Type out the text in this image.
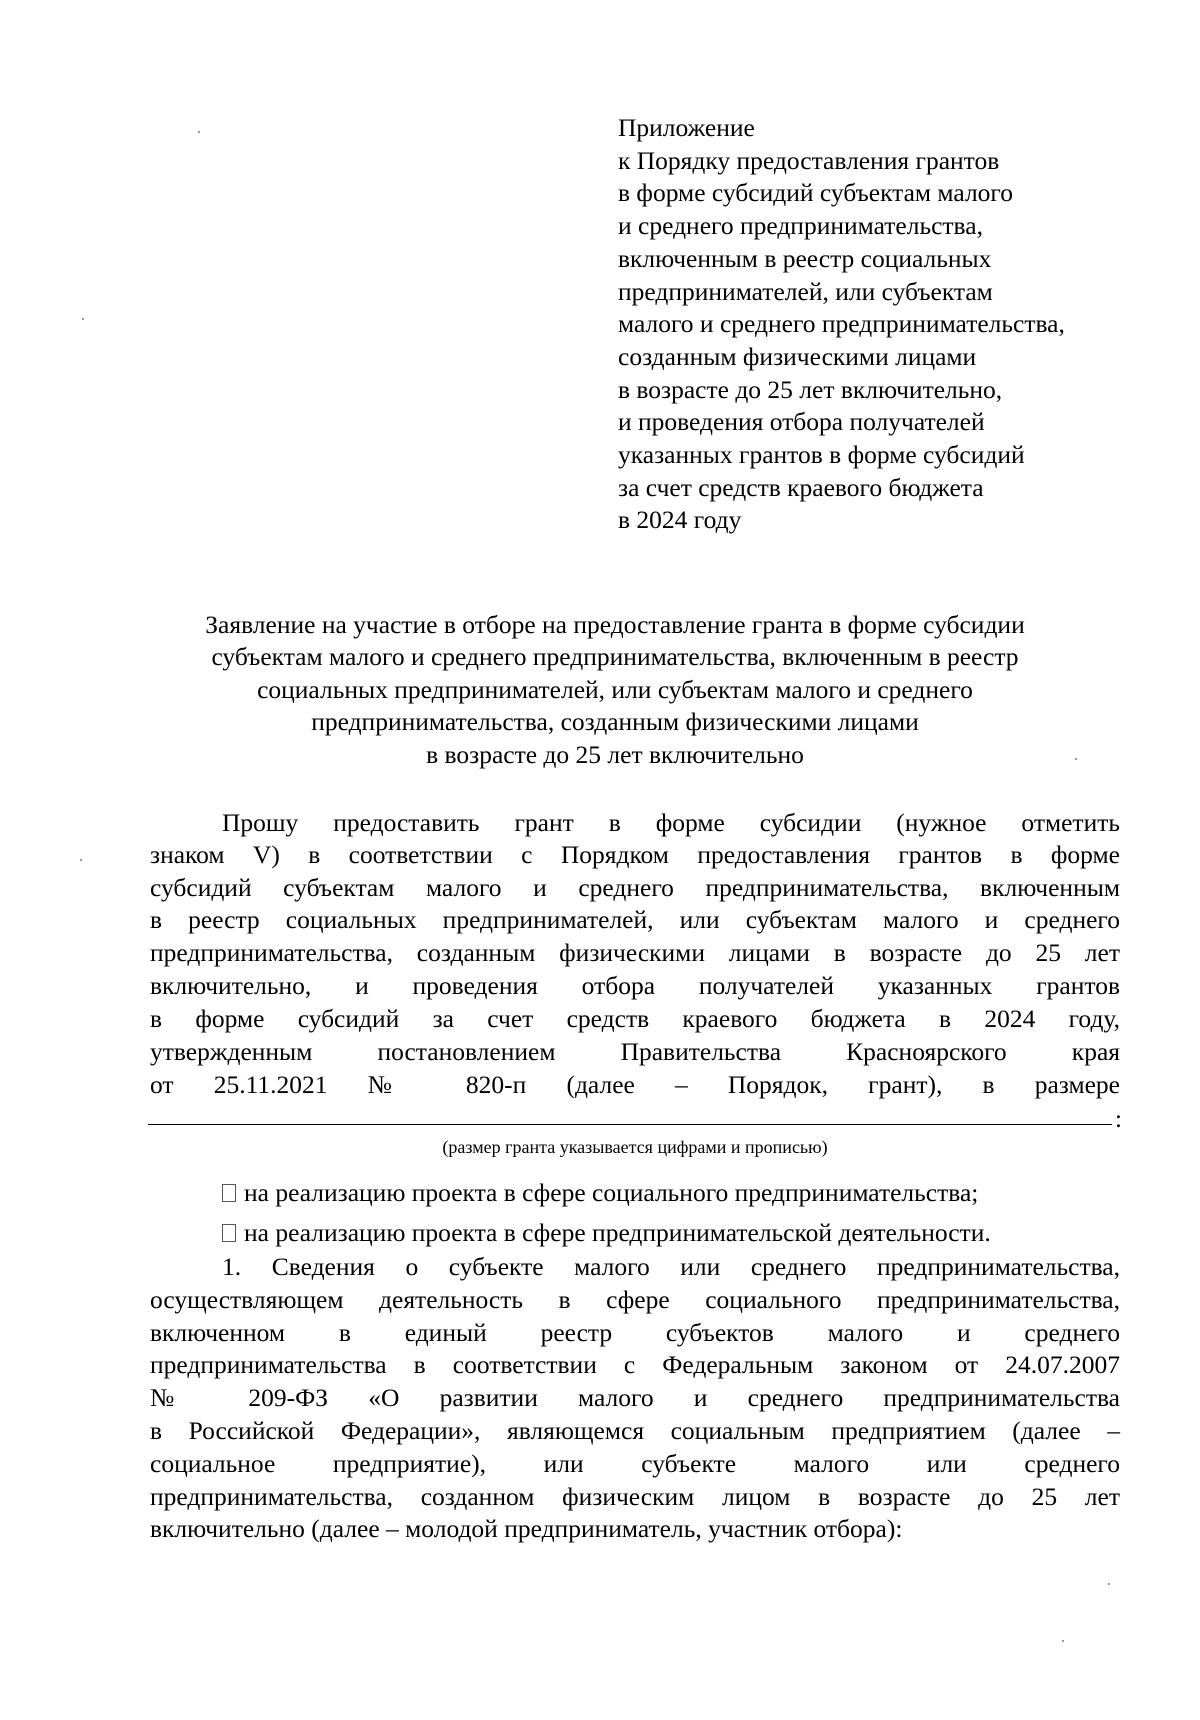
Приложение
к Порядку предоставления грантов
в форме субсидий субъектам малого
и среднего предпринимательства,
включенным в реестр социальных
предпринимателей, или субъектам
малого и среднего предпринимательства,
созданным физическими лицами
в возрасте до 25 лет включительно,
и проведения отбора получателей
указанных грантов в форме субсидий
за счет средств краевого бюджета
в 2024 году
Заявление на участие в отборе на предоставление гранта в форме субсидии
субъектам малого и среднего предпринимательства, включенным в реестр
социальных предпринимателей, или субъектам малого и среднего
предпринимательства, созданным физическими лицами
в возрасте до 25 лет включительно
Прошу предоставить грант в форме субсидии (нужное отметить
знаком V) в соответствии с Порядком предоставления грантов в форме
субсидий субъектам малого и среднего предпринимательства, включенным
в реестр социальных предпринимателей, или субъектам малого и среднего
предпринимательства, созданным физическими лицами в возрасте до 25 лет
включительно, и проведения отбора получателей указанных грантов
в форме субсидий за счет средств краевого бюджета в 2024 году,
утвержденным постановлением Правительства Красноярского края
от 25.11.2021 № 820-п (далее – Порядок, грант), в размере
:
(размер гранта указывается цифрами и прописью)
на реализацию проекта в сфере социального предпринимательства;
на реализацию проекта в сфере предпринимательской деятельности.
1. Сведения о субъекте малого или среднего предпринимательства,
осуществляющем деятельность в сфере социального предпринимательства,
включенном в единый реестр субъектов малого и среднего
предпринимательства в соответствии с Федеральным законом от 24.07.2007
№ 209-ФЗ «О развитии малого и среднего предпринимательства
в Российской Федерации», являющемся социальным предприятием (далее –
социальное предприятие), или субъекте малого или среднего
предпринимательства, созданном физическим лицом в возрасте до 25 лет
включительно (далее – молодой предприниматель, участник отбора):
